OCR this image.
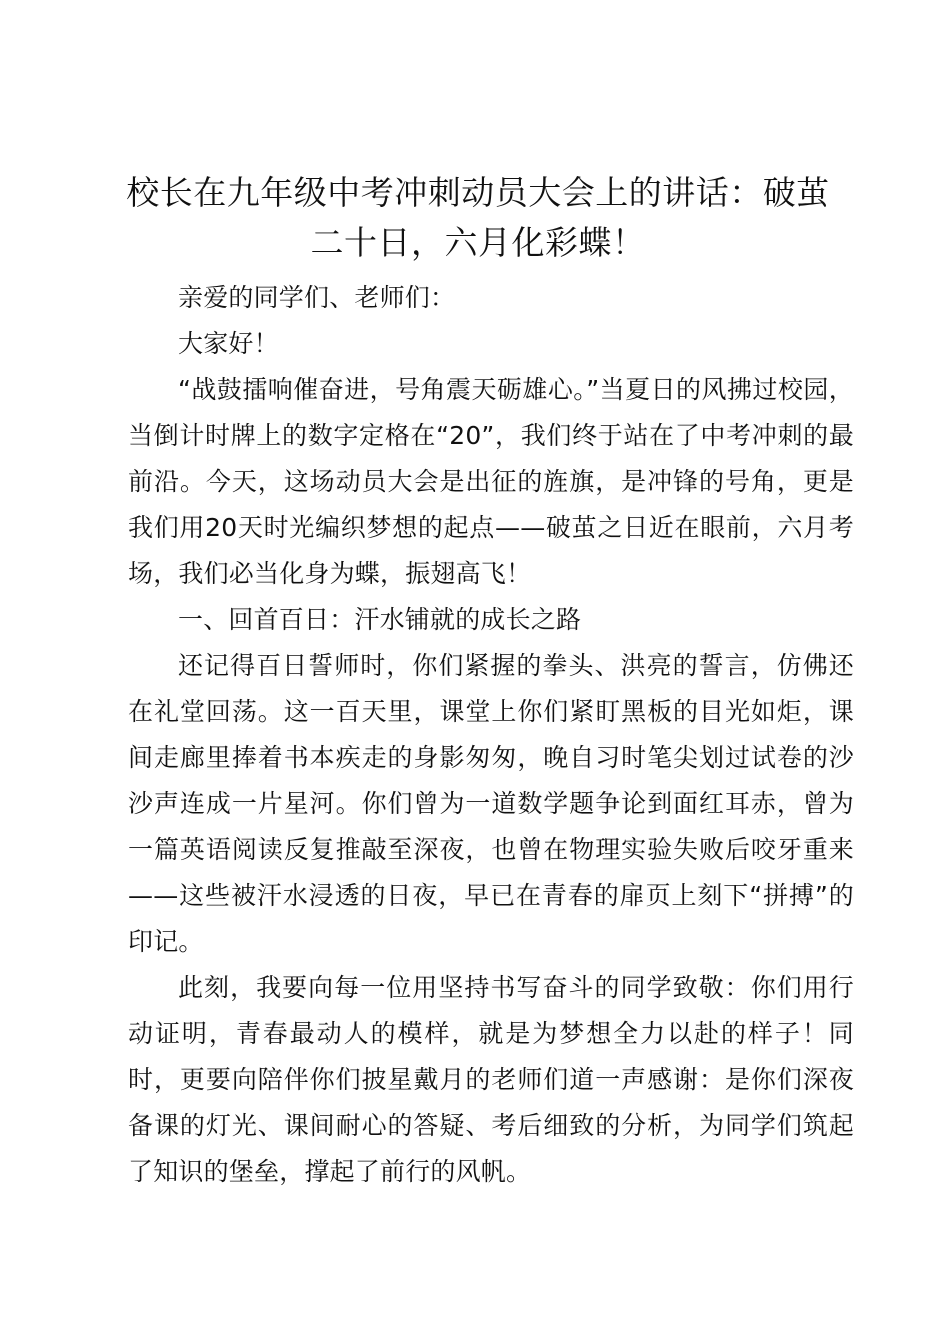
校长在九年级中考冲刺动员大会上的讲话：破茧二十日，六月化彩蝶！

亲爱的同学们、老师们：

大家好！

“战鼓擂响催奋进，号角震天砺雄心。”当夏日的风拂过校园，当倒计时牌上的数字定格在“20”，我们终于站在了中考冲刺的最前沿。今天，这场动员大会是出征的旌旗，是冲锋的号角，更是我们用20天时光编织梦想的起点——破茧之日近在眼前，六月考场，我们必当化身为蝶，振翅高飞！

一、回首百日：汗水铺就的成长之路

还记得百日誓师时，你们紧握的拳头、洪亮的誓言，仿佛还在礼堂回荡。这一百天里，课堂上你们紧盯黑板的目光如炬，课间走廊里捧着书本疾走的身影匆匆，晚自习时笔尖划过试卷的沙沙声连成一片星河。你们曾为一道数学题争论到面红耳赤，曾为一篇英语阅读反复推敲至深夜，也曾在物理实验失败后咬牙重来——这些被汗水浸透的日夜，早已在青春的扉页上刻下“拼搏”的印记。

此刻，我要向每一位用坚持书写奋斗的同学致敬：你们用行动证明，青春最动人的模样，就是为梦想全力以赴的样子！同时，更要向陪伴你们披星戴月的老师们道一声感谢：是你们深夜备课的灯光、课间耐心的答疑、考后细致的分析，为同学们筑起了知识的堡垒，撑起了前行的风帆。
